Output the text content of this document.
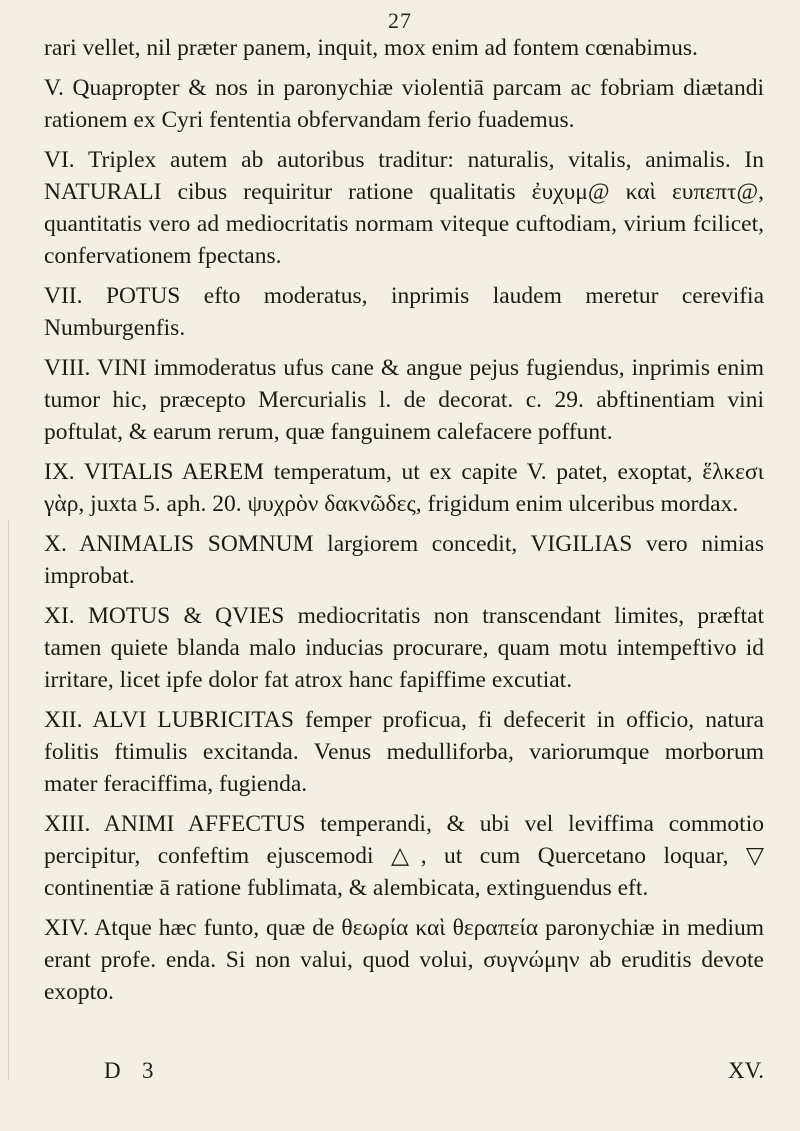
27

rari vellet, nil prӕter panem, inquit, mox enim ad fontem cœnabimus.

V. Quapropter & nos in paronychiӕ violentiā parcam ac fobriam diӕtandi rationem ex Cyri fententia obfervandam ferio fuademus.

VI. Triplex autem ab autoribus traditur: naturalis, vitalis, animalis. In NATURALI cibus requiritur ratione qualitatis ἐυχυμ@ καὶ ευπεπτ@, quantitatis vero ad mediocritatis normam viteque cuftodiam, virium fcilicet, confervationem fpectans.

VII. POTUS efto moderatus, inprimis laudem meretur cerevifia Numburgenfis.

VIII. VINI immoderatus ufus cane & angue pejus fugiendus, inprimis enim tumor hic, prӕcepto Mercurialis l. de decorat. c. 29. abftinentiam vini poftulat, & earum rerum, quӕ fanguinem calefacere poffunt.

IX. VITALIS AEREM temperatum, ut ex capite V. patet, exoptat, ἕλκεσι γὰρ, juxta 5. aph. 20. ψυχρὸν δακνῶδες, frigidum enim ulceribus mordax.

X. ANIMALIS SOMNUM largiorem concedit, VIGILIAS vero nimias improbat.

XI. MOTUS & QVIES mediocritatis non transcendant limites, prӕftat tamen quiete blanda malo inducias procurare, quam motu intempeftivo id irritare, licet ipfe dolor fat atrox hanc fapiffime excutiat.

XII. ALVI LUBRICITAS femper proficua, fi defecerit in officio, natura folitis ftimulis excitanda. Venus medulliforba, variorumque morborum mater feraciffima, fugienda.

XIII. ANIMI AFFECTUS temperandi, & ubi vel leviffima commotio percipitur, confeftim ejuscemodi △, ut cum Quercetano loquar, ▽ continentiӕ ā ratione fublimata, & alembicata, extinguendus eft.

XIV. Atque hӕc funto, quӕ de θεωρία καὶ θεραπεία paronychiӕ in medium erant profe. enda. Si non valui, quod volui, συγνώμην ab eruditis devote exopto.

D 3	XV.
